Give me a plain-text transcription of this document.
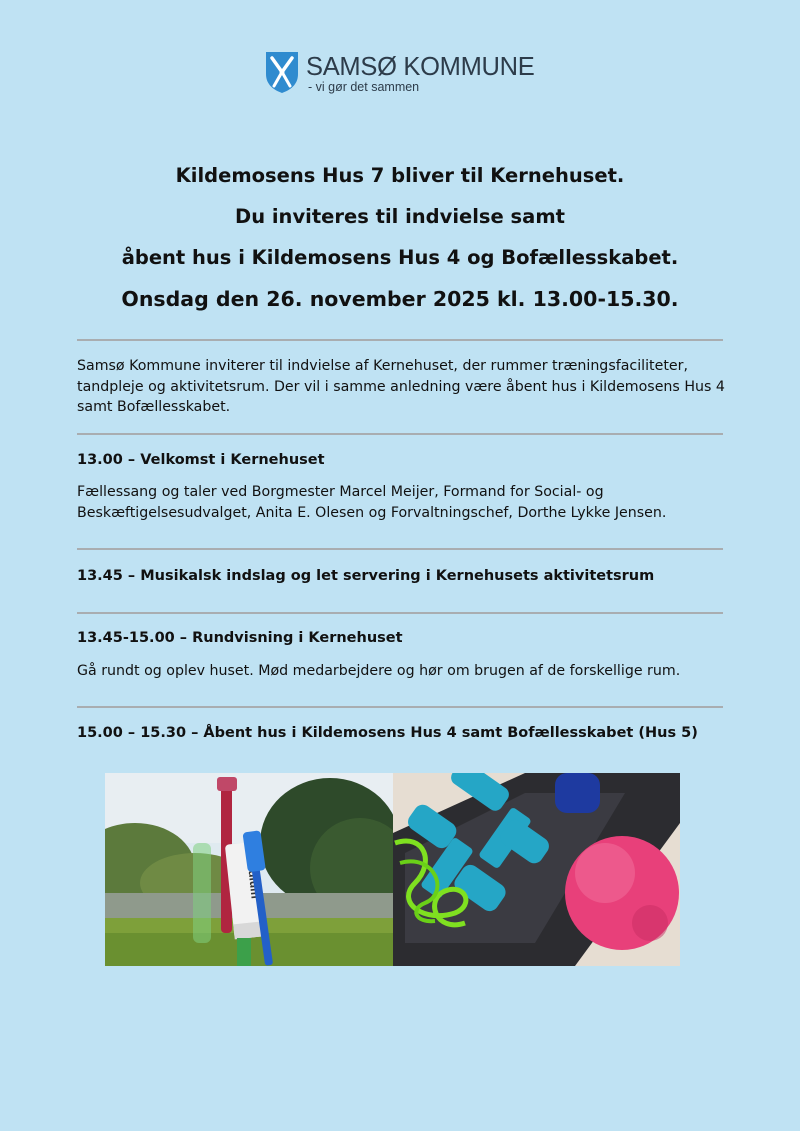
SAMSØ KOMMUNE
- vi gør det sammen
Kildemosens Hus 7 bliver til Kernehuset.
Du inviteres til indvielse samt
åbent hus i Kildemosens Hus 4 og Bofællesskabet.
Onsdag den 26. november 2025 kl. 13.00-15.30.
Samsø Kommune inviterer til indvielse af Kernehuset, der rummer træningsfaciliteter, tandpleje og aktivitetsrum. Der vil i samme anledning være åbent hus i Kildemosens Hus 4 samt Bofællesskabet.
13.00 – Velkomst i Kernehuset
Fællessang og taler ved Borgmester Marcel Meijer, Formand for Social- og Beskæftigelsesudvalget, Anita E. Olesen og Forvaltningschef, Dorthe Lykke Jensen.
13.45 – Musikalsk indslag og let servering i Kernehusets aktivitetsrum
13.45-15.00 – Rundvisning i Kernehuset
Gå rundt og oplev huset. Mød medarbejdere og hør om brugen af de forskellige rum.
15.00 – 15.30 – Åbent hus i Kildemosens Hus 4 samt Bofællesskabet (Hus 5)
